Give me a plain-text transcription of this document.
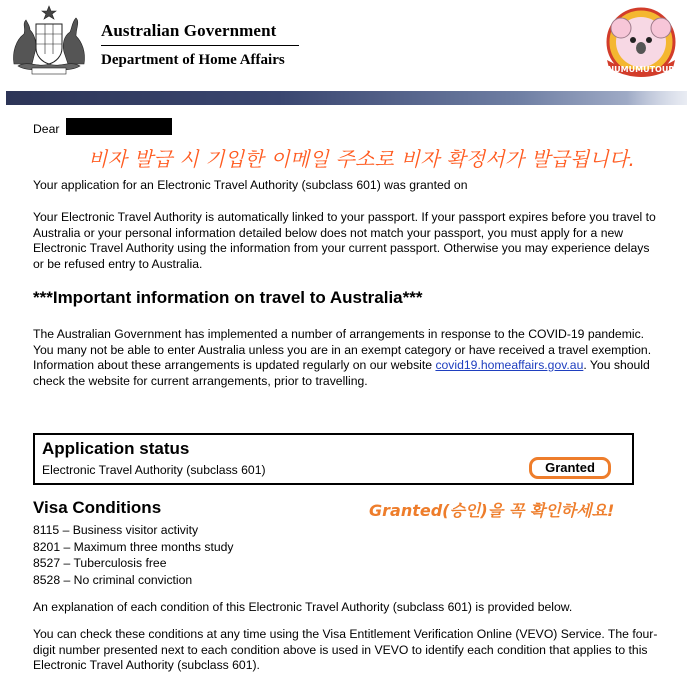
Australian Government
Department of Home Affairs
NUMUMUTOUR
Dear
비자 발급 시 기입한 이메일 주소로 비자 확정서가 발급됩니다.
Your application for an Electronic Travel Authority (subclass 601) was granted on
Your Electronic Travel Authority is automatically linked to your passport. If your passport expires before you travel to Australia or your personal information detailed below does not match your passport, you must apply for a new Electronic Travel Authority using the information from your current passport. Otherwise you may experience delays or be refused entry to Australia.
***Important information on travel to Australia***
The Australian Government has implemented a number of arrangements in response to the COVID-19 pandemic. You many not be able to enter Australia unless you are in an exempt category or have received a travel exemption. Information about these arrangements is updated regularly on our website covid19.homeaffairs.gov.au. You should check the website for current arrangements, prior to travelling.
Application status
Electronic Travel Authority (subclass 601)	Granted
Visa Conditions	Granted(승인)을 꼭 확인하세요!
8115 – Business visitor activity
8201 – Maximum three months study
8527 – Tuberculosis free
8528 – No criminal conviction
An explanation of each condition of this Electronic Travel Authority (subclass 601) is provided below.
You can check these conditions at any time using the Visa Entitlement Verification Online (VEVO) Service. The four-digit number presented next to each condition above is used in VEVO to identify each condition that applies to this Electronic Travel Authority (subclass 601).
